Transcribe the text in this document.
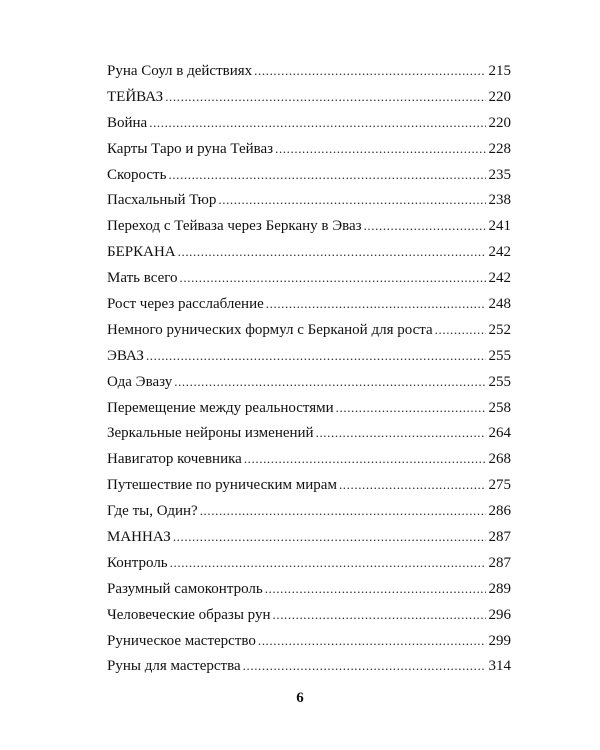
Руна Соул в действиях .....	215
ТЕЙВАЗ .....	220
Война .....	220
Карты Таро и руна Тейваз .....	228
Скорость .....	235
Пасхальный Тюр .....	238
Переход с Тейваза через Беркану в Эваз .....	241
БЕРКАНА .....	242
Мать всего .....	242
Рост через расслабление .....	248
Немного рунических формул с Берканой для роста .....	252
ЭВАЗ .....	255
Ода Эвазу .....	255
Перемещение между реальностями .....	258
Зеркальные нейроны изменений .....	264
Навигатор кочевника .....	268
Путешествие по руническим мирам .....	275
Где ты, Один? .....	286
МАННАЗ .....	287
Контроль .....	287
Разумный самоконтроль .....	289
Человеческие образы рун .....	296
Руническое мастерство .....	299
Руны для мастерства .....	314
6
